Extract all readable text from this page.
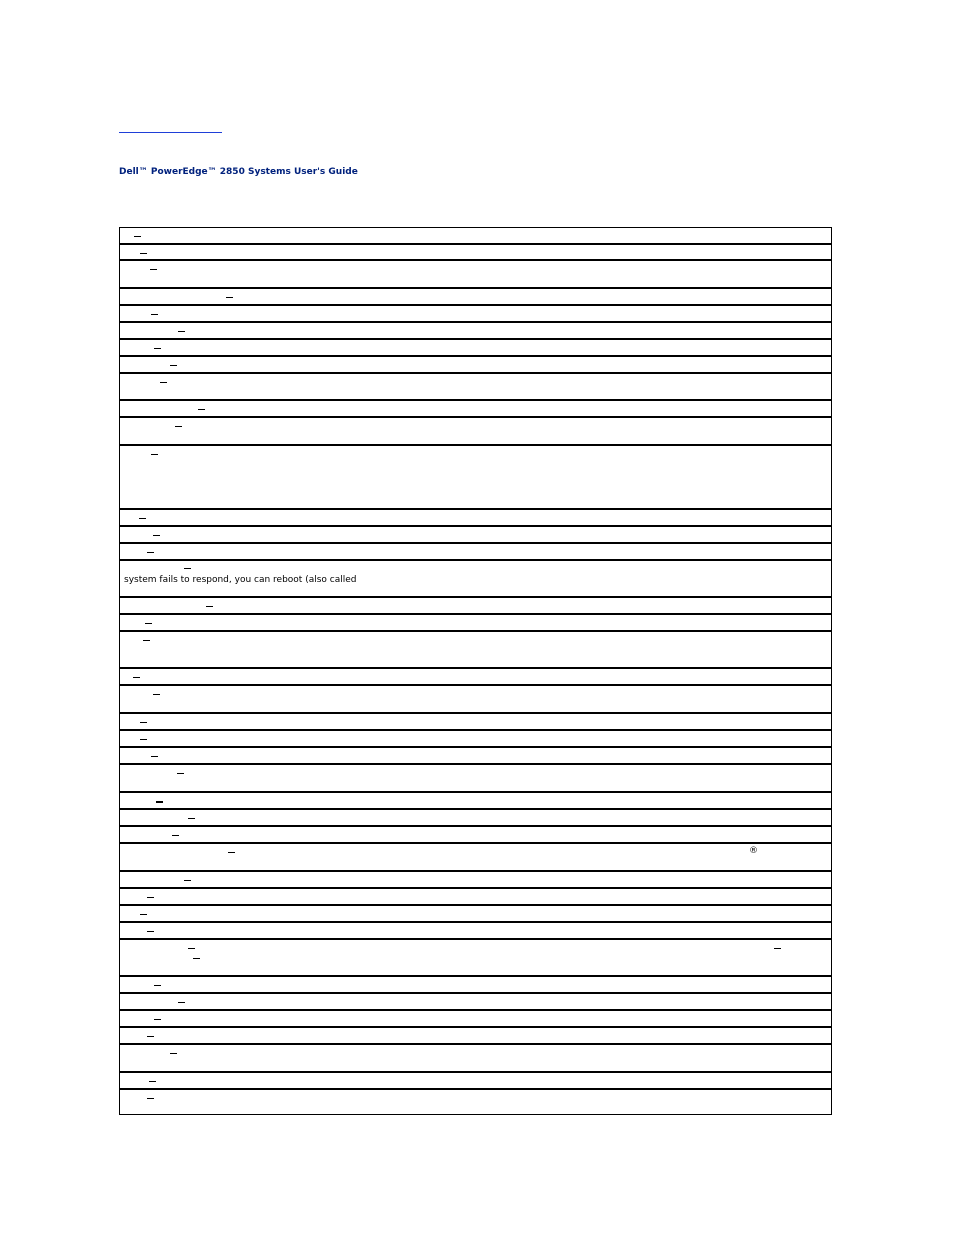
Dell™ PowerEdge™ 2850 Systems User's Guide
system fails to respond, you can reboot (also called
®
